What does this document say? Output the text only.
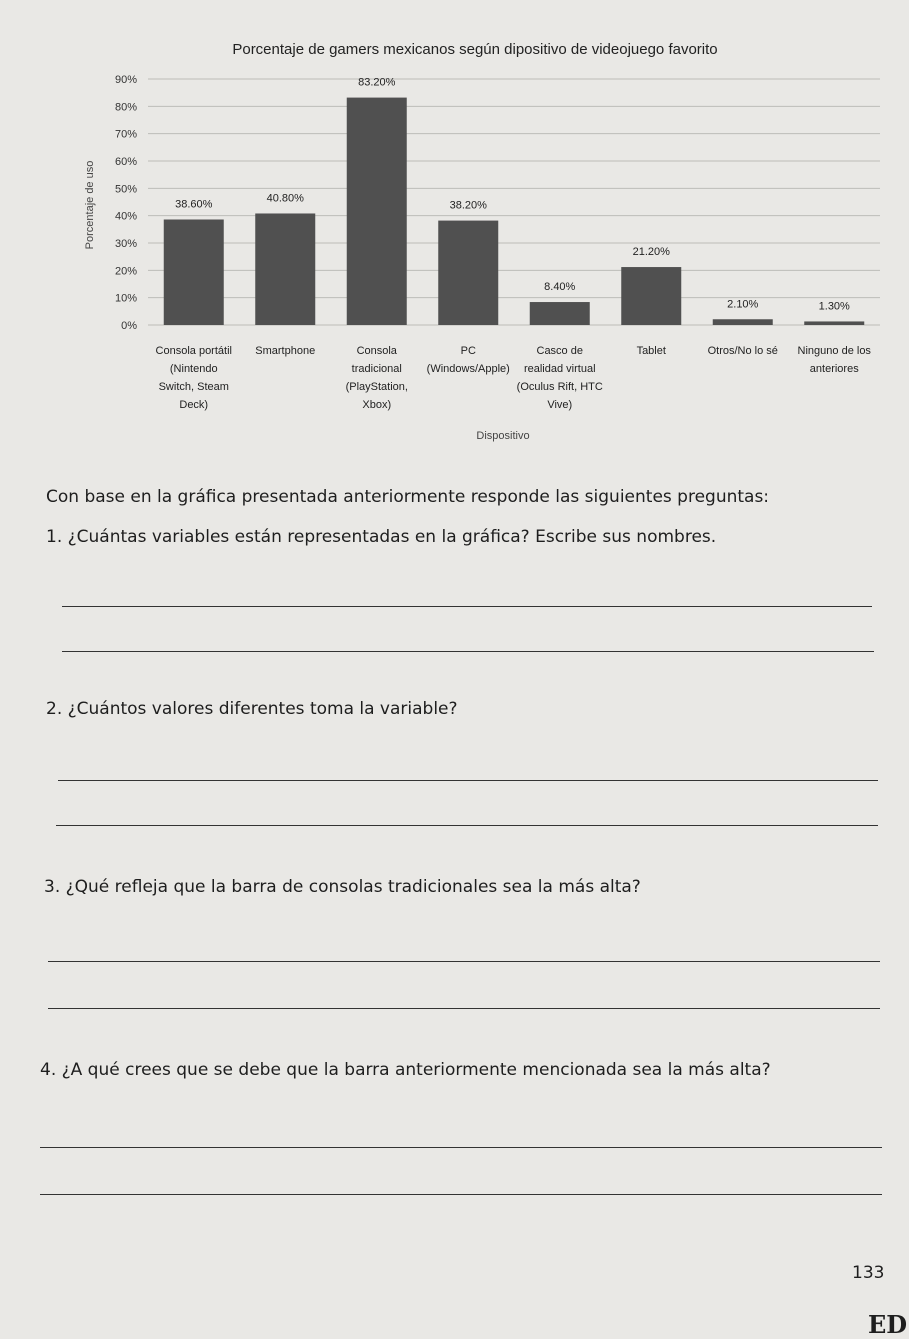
Porcentaje de gamers mexicanos según dipositivo de videojuego favorito
0%
10%
20%
30%
40%
50%
60%
70%
80%
90%
Porcentaje de uso	38.60%
40.80%
83.20%
38.20%
8.40%
21.20%
2.10%	1.30%
Consola portátil
(Nintendo
Switch, Steam
Deck)
Smartphone	Consola
tradicional
(PlayStation,
Xbox)
PC
(Windows/Apple)
Casco de
realidad virtual
(Oculus Rift, HTC
Vive)
Tablet	Otros/No lo sé Ninguno de los
anteriores
Dispositivo
Con base en la gráfica presentada anteriormente responde las siguientes preguntas:
1. ¿Cuántas variables están representadas en la gráfica? Escribe sus nombres.
2. ¿Cuántos valores diferentes toma la variable?
3. ¿Qué refleja que la barra de consolas tradicionales sea la más alta?
4. ¿A qué crees que se debe que la barra anteriormente mencionada sea la más alta?
133
ED
